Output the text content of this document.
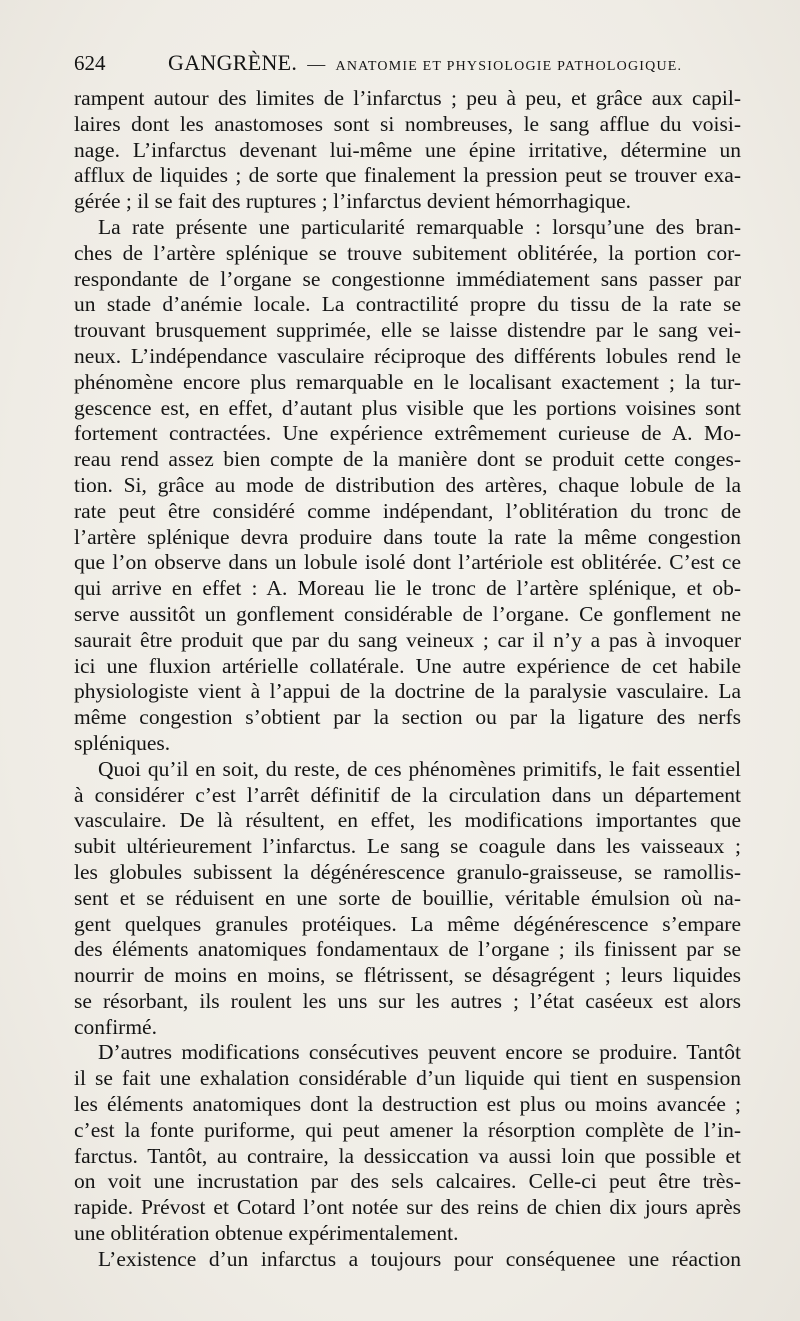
624	GANGRÈNE. — ANATOMIE ET PHYSIOLOGIE PATHOLOGIQUE.
rampent autour des limites de l’infarctus ; peu à peu, et grâce aux capil-
laires dont les anastomoses sont si nombreuses, le sang afflue du voisi-
nage. L’infarctus devenant lui-même une épine irritative, détermine un
afflux de liquides ; de sorte que finalement la pression peut se trouver exa-
gérée ; il se fait des ruptures ; l’infarctus devient hémorrhagique.
La rate présente une particularité remarquable : lorsqu’une des bran-
ches de l’artère splénique se trouve subitement oblitérée, la portion cor-
respondante de l’organe se congestionne immédiatement sans passer par
un stade d’anémie locale. La contractilité propre du tissu de la rate se
trouvant brusquement supprimée, elle se laisse distendre par le sang vei-
neux. L’indépendance vasculaire réciproque des différents lobules rend le
phénomène encore plus remarquable en le localisant exactement ; la tur-
gescence est, en effet, d’autant plus visible que les portions voisines sont
fortement contractées. Une expérience extrêmement curieuse de A. Mo-
reau rend assez bien compte de la manière dont se produit cette conges-
tion. Si, grâce au mode de distribution des artères, chaque lobule de la
rate peut être considéré comme indépendant, l’oblitération du tronc de
l’artère splénique devra produire dans toute la rate la même congestion
que l’on observe dans un lobule isolé dont l’artériole est oblitérée. C’est ce
qui arrive en effet : A. Moreau lie le tronc de l’artère splénique, et ob-
serve aussitôt un gonflement considérable de l’organe. Ce gonflement ne
saurait être produit que par du sang veineux ; car il n’y a pas à invoquer
ici une fluxion artérielle collatérale. Une autre expérience de cet habile
physiologiste vient à l’appui de la doctrine de la paralysie vasculaire. La
même congestion s’obtient par la section ou par la ligature des nerfs
spléniques.
Quoi qu’il en soit, du reste, de ces phénomènes primitifs, le fait essentiel
à considérer c’est l’arrêt définitif de la circulation dans un département
vasculaire. De là résultent, en effet, les modifications importantes que
subit ultérieurement l’infarctus. Le sang se coagule dans les vaisseaux ;
les globules subissent la dégénérescence granulo-graisseuse, se ramollis-
sent et se réduisent en une sorte de bouillie, véritable émulsion où na-
gent quelques granules protéiques. La même dégénérescence s’empare
des éléments anatomiques fondamentaux de l’organe ; ils finissent par se
nourrir de moins en moins, se flétrissent, se désagrégent ; leurs liquides
se résorbant, ils roulent les uns sur les autres ; l’état caséeux est alors
confirmé.
D’autres modifications consécutives peuvent encore se produire. Tantôt
il se fait une exhalation considérable d’un liquide qui tient en suspension
les éléments anatomiques dont la destruction est plus ou moins avancée ;
c’est la fonte puriforme, qui peut amener la résorption complète de l’in-
farctus. Tantôt, au contraire, la dessiccation va aussi loin que possible et
on voit une incrustation par des sels calcaires. Celle-ci peut être très-
rapide. Prévost et Cotard l’ont notée sur des reins de chien dix jours après
une oblitération obtenue expérimentalement.
L’existence d’un infarctus a toujours pour conséquenee une réaction
